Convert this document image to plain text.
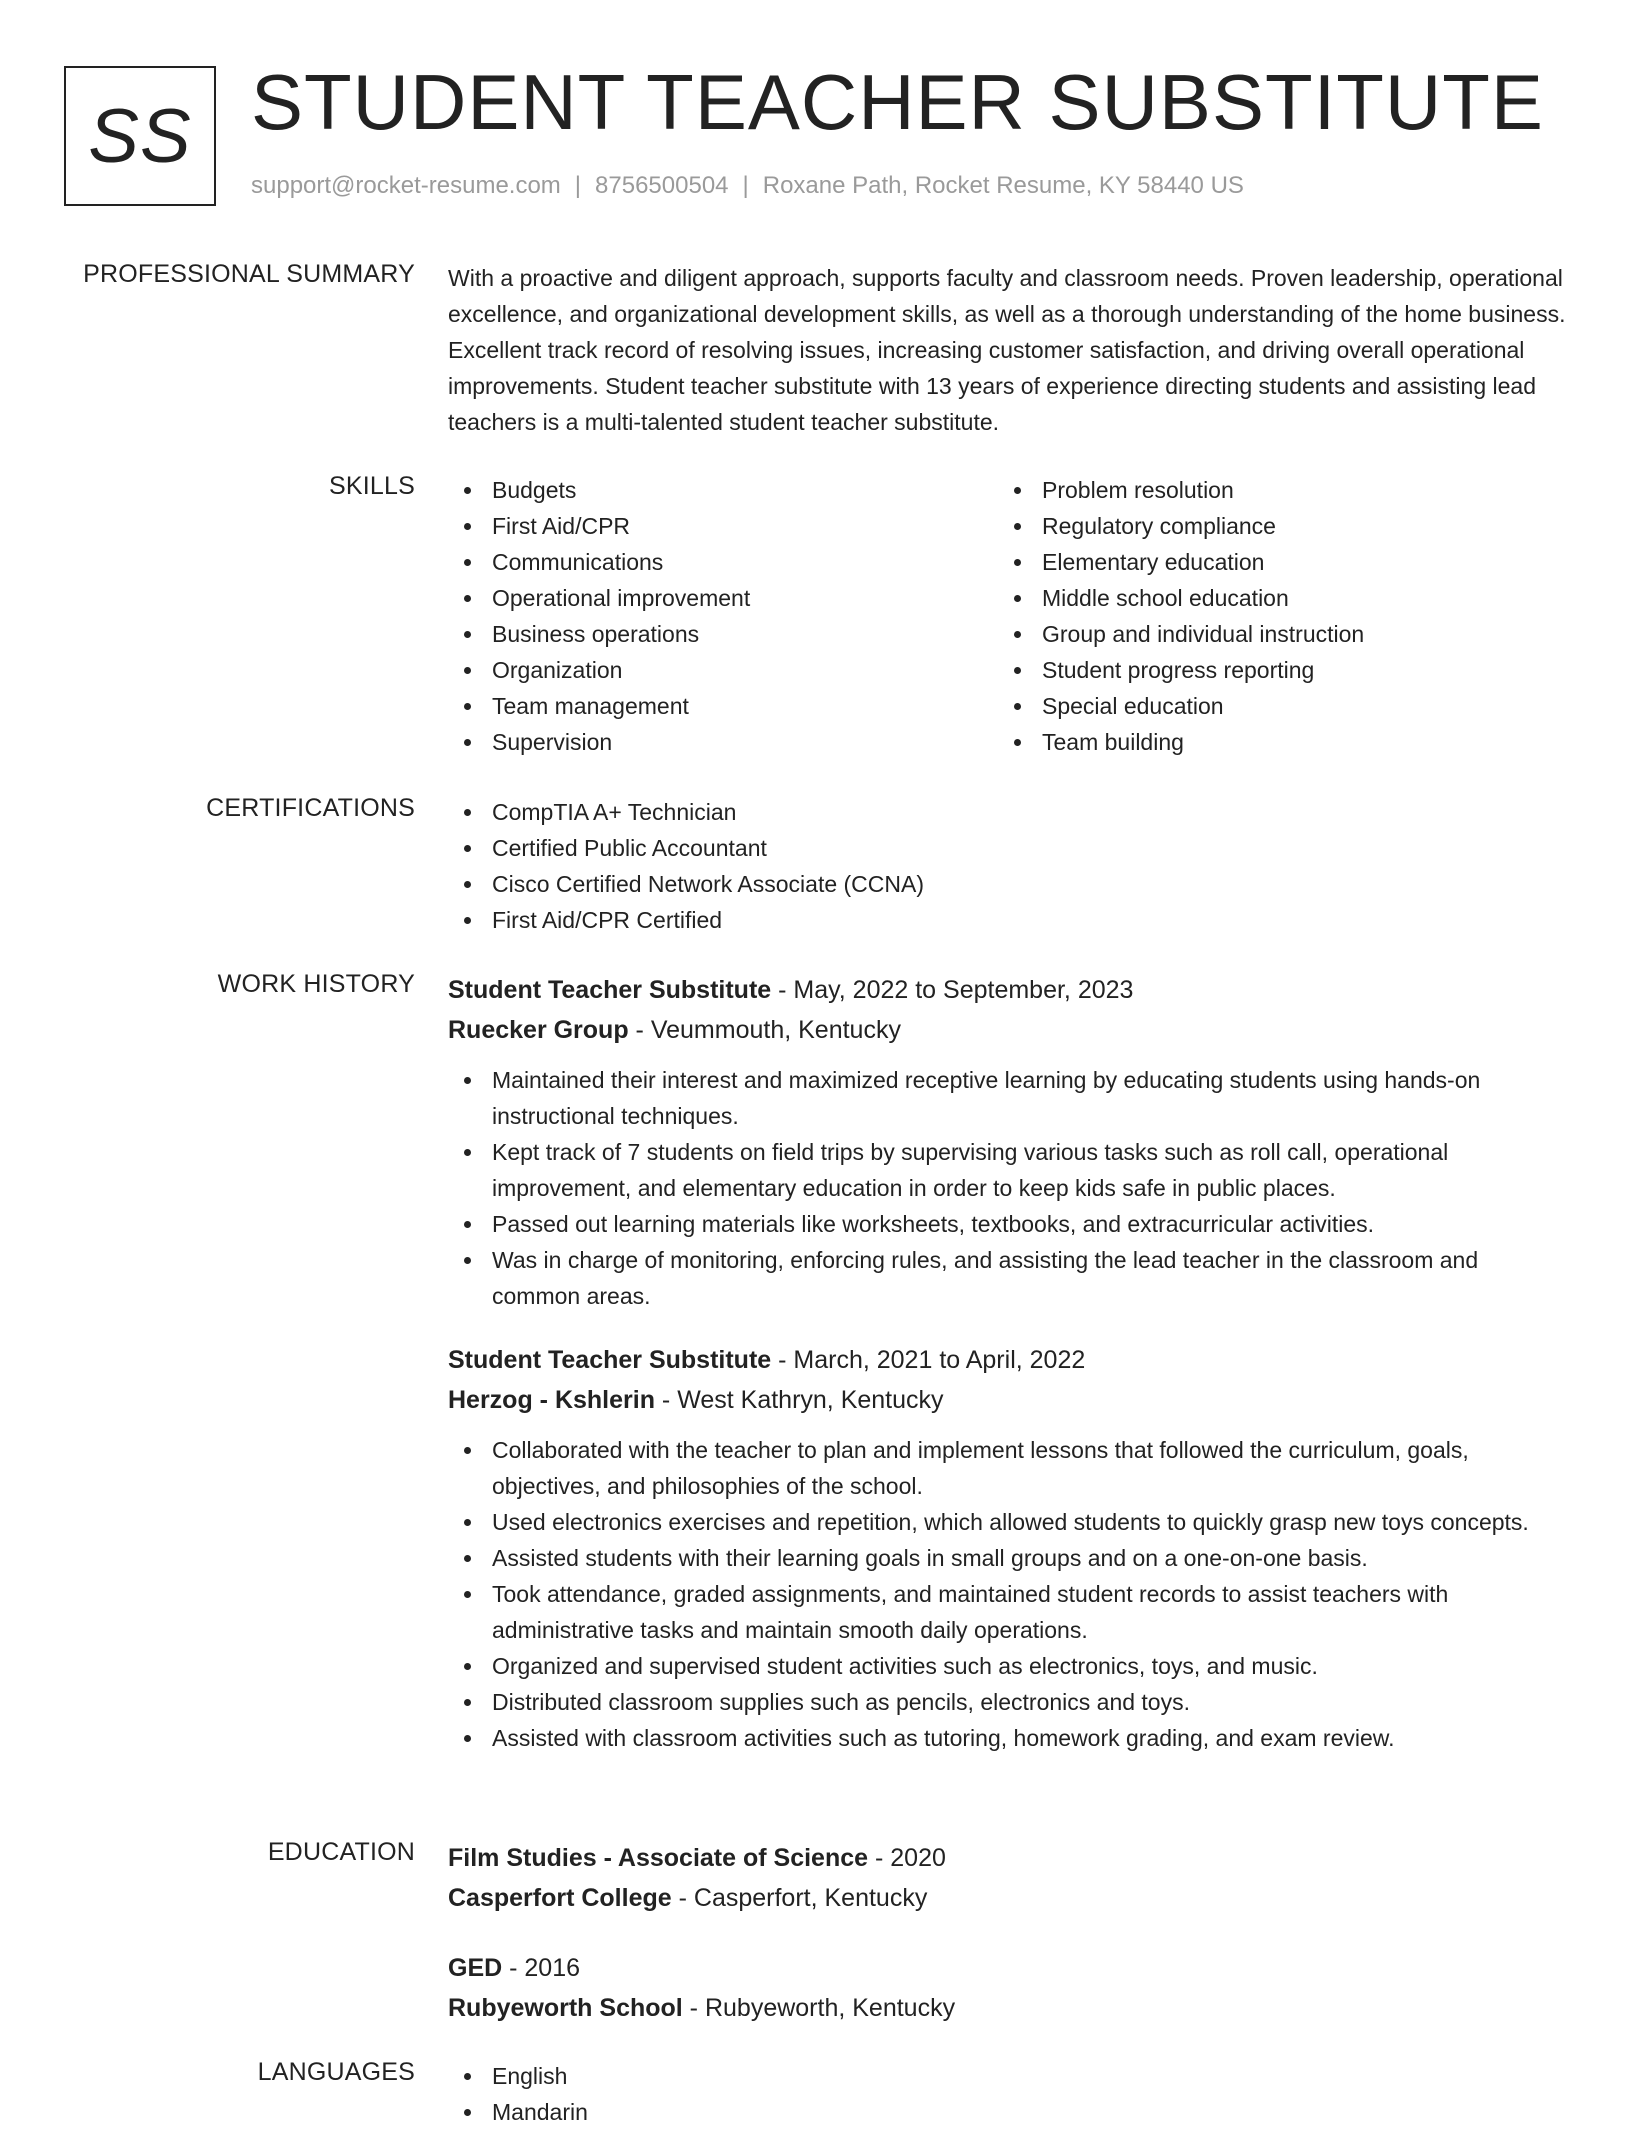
SS STUDENT TEACHER SUBSTITUTE
support@rocket-resume.com | 8756500504 | Roxane Path, Rocket Resume, KY 58440 US
PROFESSIONAL SUMMARY With a proactive and diligent approach, supports faculty and classroom needs. Proven leadership, operational excellence, and organizational development skills, as well as a thorough understanding of the home business. Excellent track record of resolving issues, increasing customer satisfaction, and driving overall operational improvements. Student teacher substitute with 13 years of experience directing students and assisting lead teachers is a multi-talented student teacher substitute.
SKILLS	Budgets
First Aid/CPR
Communications
Operational improvement
Business operations
Organization
Team management
Supervision
Problem resolution
Regulatory compliance
Elementary education
Middle school education
Group and individual instruction
Student progress reporting
Special education
Team building
CERTIFICATIONS	CompTIA A+ Technician
Certified Public Accountant
Cisco Certified Network Associate (CCNA)
First Aid/CPR Certified
WORK HISTORY Student Teacher Substitute - May, 2022 to September, 2023
Ruecker Group - Veummouth, Kentucky
Maintained their interest and maximized receptive learning by educating students using hands-on instructional techniques.
Kept track of 7 students on field trips by supervising various tasks such as roll call, operational improvement, and elementary education in order to keep kids safe in public places.
Passed out learning materials like worksheets, textbooks, and extracurricular activities.
Was in charge of monitoring, enforcing rules, and assisting the lead teacher in the classroom and common areas.
Student Teacher Substitute - March, 2021 to April, 2022
Herzog - Kshlerin - West Kathryn, Kentucky
Collaborated with the teacher to plan and implement lessons that followed the curriculum, goals, objectives, and philosophies of the school.
Used electronics exercises and repetition, which allowed students to quickly grasp new toys concepts.
Assisted students with their learning goals in small groups and on a one-on-one basis.
Took attendance, graded assignments, and maintained student records to assist teachers with administrative tasks and maintain smooth daily operations.
Organized and supervised student activities such as electronics, toys, and music.
Distributed classroom supplies such as pencils, electronics and toys.
Assisted with classroom activities such as tutoring, homework grading, and exam review.
EDUCATION Film Studies - Associate of Science - 2020
Casperfort College - Casperfort, Kentucky
GED - 2016
Rubyeworth School - Rubyeworth, Kentucky
LANGUAGES	English
Mandarin
